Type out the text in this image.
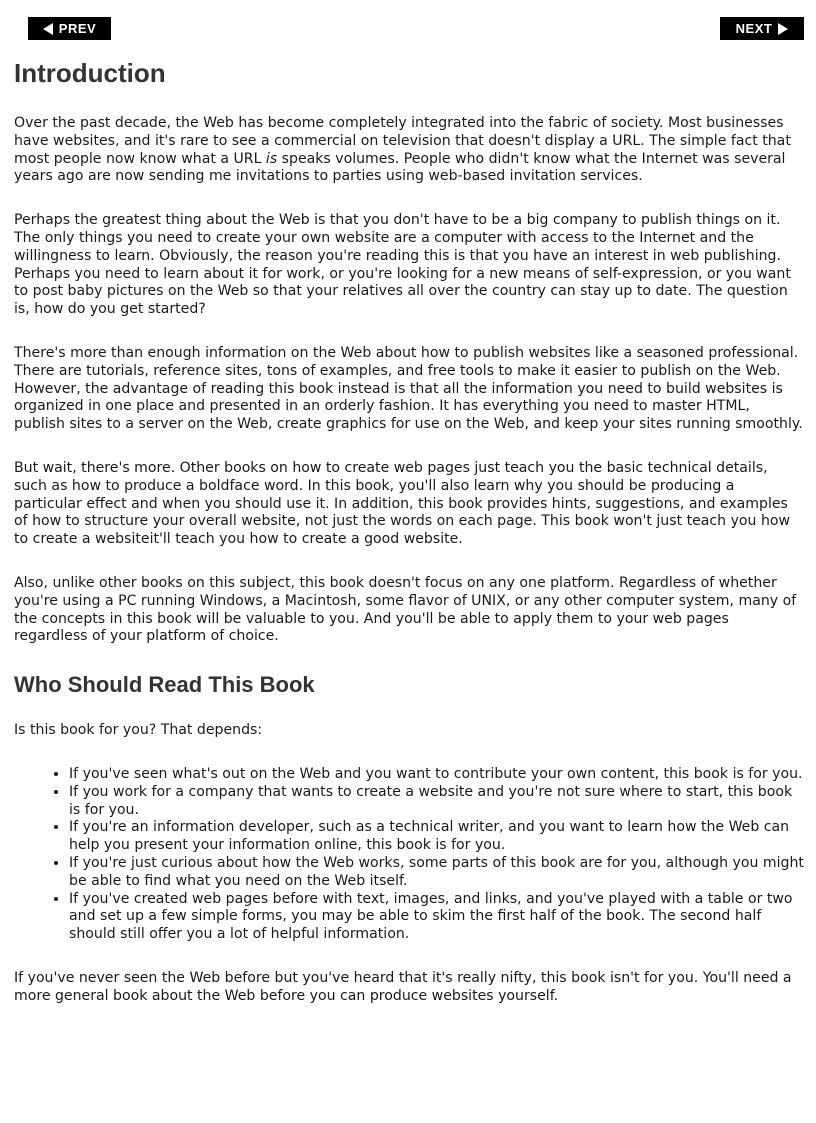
PREV	NEXT
Introduction

Over the past decade, the Web has become completely integrated into the fabric of society. Most businesses have websites, and it's rare to see a commercial on television that doesn't display a URL. The simple fact that most people now know what a URL is speaks volumes. People who didn't know what the Internet was several years ago are now sending me invitations to parties using web-based invitation services.

Perhaps the greatest thing about the Web is that you don't have to be a big company to publish things on it. The only things you need to create your own website are a computer with access to the Internet and the willingness to learn. Obviously, the reason you're reading this is that you have an interest in web publishing. Perhaps you need to learn about it for work, or you're looking for a new means of self-expression, or you want to post baby pictures on the Web so that your relatives all over the country can stay up to date. The question is, how do you get started?

There's more than enough information on the Web about how to publish websites like a seasoned professional. There are tutorials, reference sites, tons of examples, and free tools to make it easier to publish on the Web. However, the advantage of reading this book instead is that all the information you need to build websites is organized in one place and presented in an orderly fashion. It has everything you need to master HTML, publish sites to a server on the Web, create graphics for use on the Web, and keep your sites running smoothly.

But wait, there's more. Other books on how to create web pages just teach you the basic technical details, such as how to produce a boldface word. In this book, you'll also learn why you should be producing a particular effect and when you should use it. In addition, this book provides hints, suggestions, and examples of how to structure your overall website, not just the words on each page. This book won't just teach you how to create a websiteit'll teach you how to create a good website.

Also, unlike other books on this subject, this book doesn't focus on any one platform. Regardless of whether you're using a PC running Windows, a Macintosh, some flavor of UNIX, or any other computer system, many of the concepts in this book will be valuable to you. And you'll be able to apply them to your web pages regardless of your platform of choice.

Who Should Read This Book

Is this book for you? That depends:

• If you've seen what's out on the Web and you want to contribute your own content, this book is for you.
• If you work for a company that wants to create a website and you're not sure where to start, this book is for you.
• If you're an information developer, such as a technical writer, and you want to learn how the Web can help you present your information online, this book is for you.
• If you're just curious about how the Web works, some parts of this book are for you, although you might be able to find what you need on the Web itself.
• If you've created web pages before with text, images, and links, and you've played with a table or two and set up a few simple forms, you may be able to skim the first half of the book. The second half should still offer you a lot of helpful information.

If you've never seen the Web before but you've heard that it's really nifty, this book isn't for you. You'll need a more general book about the Web before you can produce websites yourself.
